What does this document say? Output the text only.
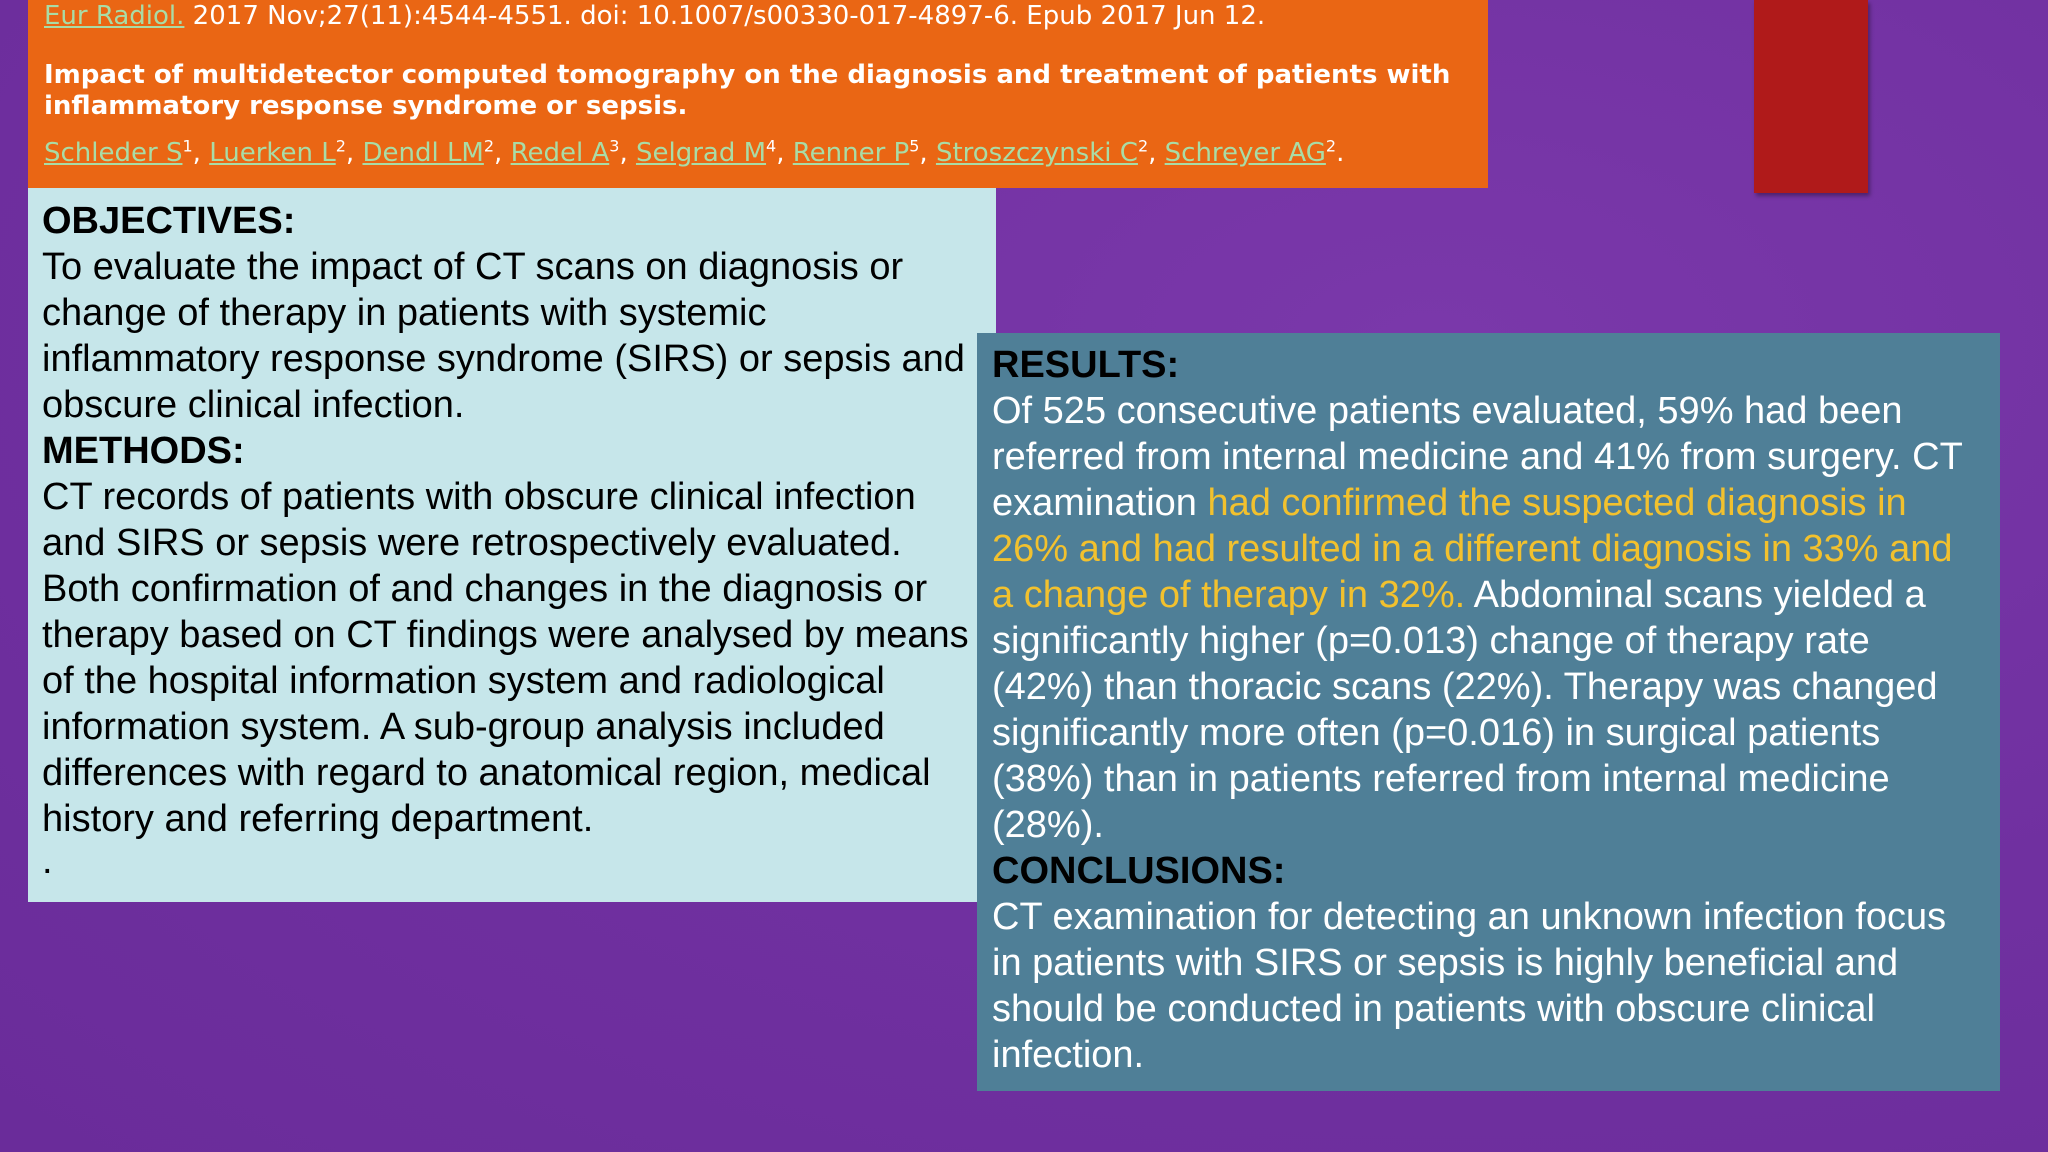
Eur Radiol. 2017 Nov;27(11):4544-4551. doi: 10.1007/s00330-017-4897-6. Epub 2017 Jun 12.
Impact of multidetector computed tomography on the diagnosis and treatment of patients with inflammatory response syndrome or sepsis.
Schleder $S^1$, Luerken $L^2$, Dendl $LM^2$, Redel $A^3$, Selgrad $M^4$, Renner $P^5$, Stroszczynski $C^2$, Schreyer $AG^2$.
OBJECTIVES:

To evaluate the impact of CT scans on diagnosis or
change of therapy in patients with systemic
inflammatory response syndrome (SIRS) or sepsis and
obscure clinical infection.

METHODS:

CT records of patients with obscure clinical infection
and SIRS or sepsis were retrospectively evaluated.
Both confirmation of and changes in the diagnosis or
therapy based on CT findings were analysed by means
of the hospital information system and radiological
information system. A sub-group analysis included
differences with regard to anatomical region, medical
history and referring department.

.
RESULTS:

Of 525 consecutive patients evaluated, 59% had been
referred from internal medicine and 41% from surgery. CT
examination had confirmed the suspected diagnosis in
26% and had resulted in a different diagnosis in 33% and
a change of therapy in 32%. Abdominal scans yielded a
significantly higher (p=0.013) change of therapy rate
(42%) than thoracic scans (22%). Therapy was changed
significantly more often (p=0.016) in surgical patients
(38%) than in patients referred from internal medicine
(28%).

CONCLUSIONS:

CT examination for detecting an unknown infection focus
in patients with SIRS or sepsis is highly beneficial and
should be conducted in patients with obscure clinical
infection.
